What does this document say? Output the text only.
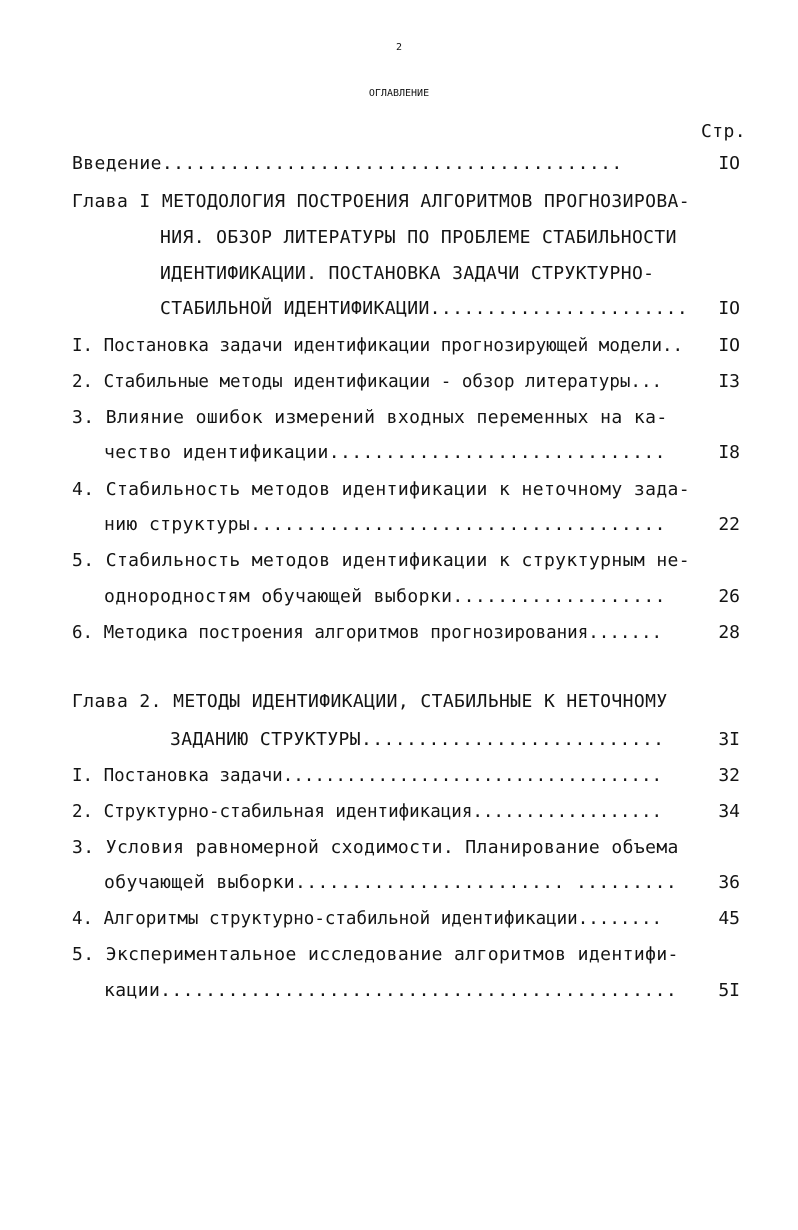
2
ОГЛАВЛЕНИЕ
Стр.
Введение.........................................	IO
Глава I МЕТОДОЛОГИЯ ПОСТРОЕНИЯ АЛГОРИТМОВ ПРОГНОЗИРОВА-
НИЯ. ОБЗОР ЛИТЕРАТУРЫ ПО ПРОБЛЕМЕ СТАБИЛЬНОСТИ
ИДЕНТИФИКАЦИИ. ПОСТАНОВКА ЗАДАЧИ СТРУКТУРНО-
СТАБИЛЬНОЙ ИДЕНТИФИКАЦИИ.......................	IO
I. Постановка задачи идентификации прогнозирующей модели..	IO
2. Стабильные методы идентификации - обзор литературы...	I3
3. Влияние ошибок измерений входных переменных на ка-
чество идентификации..............................	I8
4. Стабильность методов идентификации к неточному зада-
нию структуры.....................................	22
5. Стабильность методов идентификации к структурным не-
однородностям обучающей выборки...................	26
6. Методика построения алгоритмов прогнозирования.......	28
Глава 2. МЕТОДЫ ИДЕНТИФИКАЦИИ, СТАБИЛЬНЫЕ К НЕТОЧНОМУ
ЗАДАНИЮ СТРУКТУРЫ...........................	3I
I. Постановка задачи....................................	32
2. Структурно-стабильная идентификация..................	34
3. Условия равномерной сходимости. Планирование объема
обучающей выборки........................ .........	36
4. Алгоритмы структурно-стабильной идентификации........	45
5. Экспериментальное исследование алгоритмов идентифи-
кации..............................................	5I
